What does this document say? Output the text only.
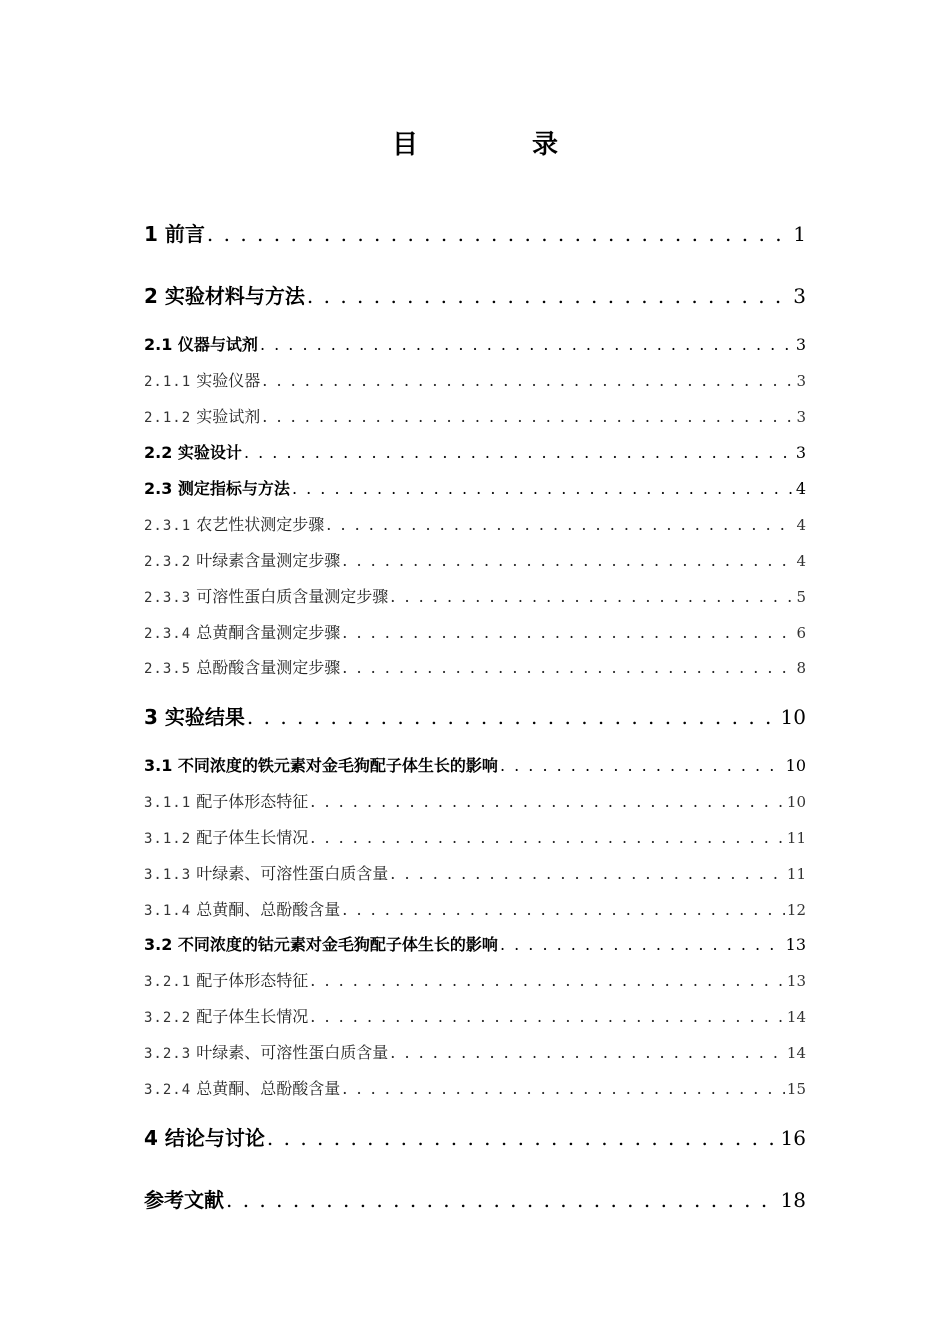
目　录
1 前言 . . .	1
2 实验材料与方法 . . .	3
2.1 仪器与试剂 . . .	3
2.1.1 实验仪器 . . .	3
2.1.2 实验试剂 . . .	3
2.2 实验设计 . . .	3
2.3 测定指标与方法 . . .	4
2.3.1 农艺性状测定步骤 . . .	4
2.3.2 叶绿素含量测定步骤 . . .	4
2.3.3 可溶性蛋白质含量测定步骤 . . .	5
2.3.4 总黄酮含量测定步骤 . . .	6
2.3.5 总酚酸含量测定步骤 . . .	8
3 实验结果 . . .	10
3.1 不同浓度的铁元素对金毛狗配子体生长的影响 . . .	10
3.1.1 配子体形态特征 . . .	10
3.1.2 配子体生长情况 . . .	11
3.1.3 叶绿素、可溶性蛋白质含量 . . .	11
3.1.4 总黄酮、总酚酸含量 . . .	12
3.2 不同浓度的钴元素对金毛狗配子体生长的影响 . . .	13
3.2.1 配子体形态特征 . . .	13
3.2.2 配子体生长情况 . . .	14
3.2.3 叶绿素、可溶性蛋白质含量 . . .	14
3.2.4 总黄酮、总酚酸含量 . . .	15
4 结论与讨论 . . .	16
参考文献 . . .	18
